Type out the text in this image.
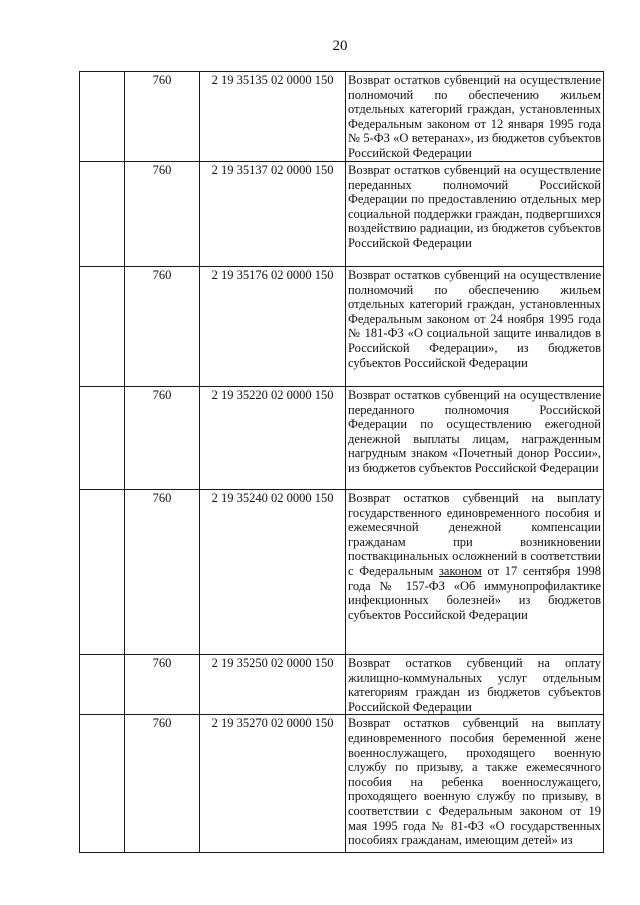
20
	760	2 19 35135 02 0000 150	Возврат остатков субвенций на осуществление полномочий по обеспечению жильем отдельных категорий граждан, установленных Федеральным законом от 12 января 1995 года № 5-ФЗ «О ветеранах», из бюджетов субъектов Российской Федерации
	760	2 19 35137 02 0000 150	Возврат остатков субвенций на осуществление переданных полномочий Российской Федерации по предоставлению отдельных мер социальной поддержки граждан, подвергшихся воздействию радиации, из бюджетов субъектов Российской Федерации
	760	2 19 35176 02 0000 150	Возврат остатков субвенций на осуществление полномочий по обеспечению жильем отдельных категорий граждан, установленных Федеральным законом от 24 ноября 1995 года № 181-ФЗ «О социальной защите инвалидов в Российской Федерации», из бюджетов субъектов Российской Федерации
	760	2 19 35220 02 0000 150	Возврат остатков субвенций на осуществление переданного полномочия Российской Федерации по осуществлению ежегодной денежной выплаты лицам, награжденным нагрудным знаком «Почетный донор России», из бюджетов субъектов Российской Федерации
	760	2 19 35240 02 0000 150	Возврат остатков субвенций на выплату государственного единовременного пособия и ежемесячной денежной компенсации гражданам при возникновении поствакцинальных осложнений в соответствии с Федеральным законом от 17 сентября 1998 года № 157-ФЗ «Об иммунопрофилактике инфекционных болезней» из бюджетов субъектов Российской Федерации
	760	2 19 35250 02 0000 150	Возврат остатков субвенций на оплату жилищно-коммунальных услуг отдельным категориям граждан из бюджетов субъектов Российской Федерации
	760	2 19 35270 02 0000 150	Возврат остатков субвенций на выплату единовременного пособия беременной жене военнослужащего, проходящего военную службу по призыву, а также ежемесячного пособия на ребенка военнослужащего, проходящего военную службу по призыву, в соответствии с Федеральным законом от 19 мая 1995 года № 81-ФЗ «О государственных пособиях гражданам, имеющим детей» из
